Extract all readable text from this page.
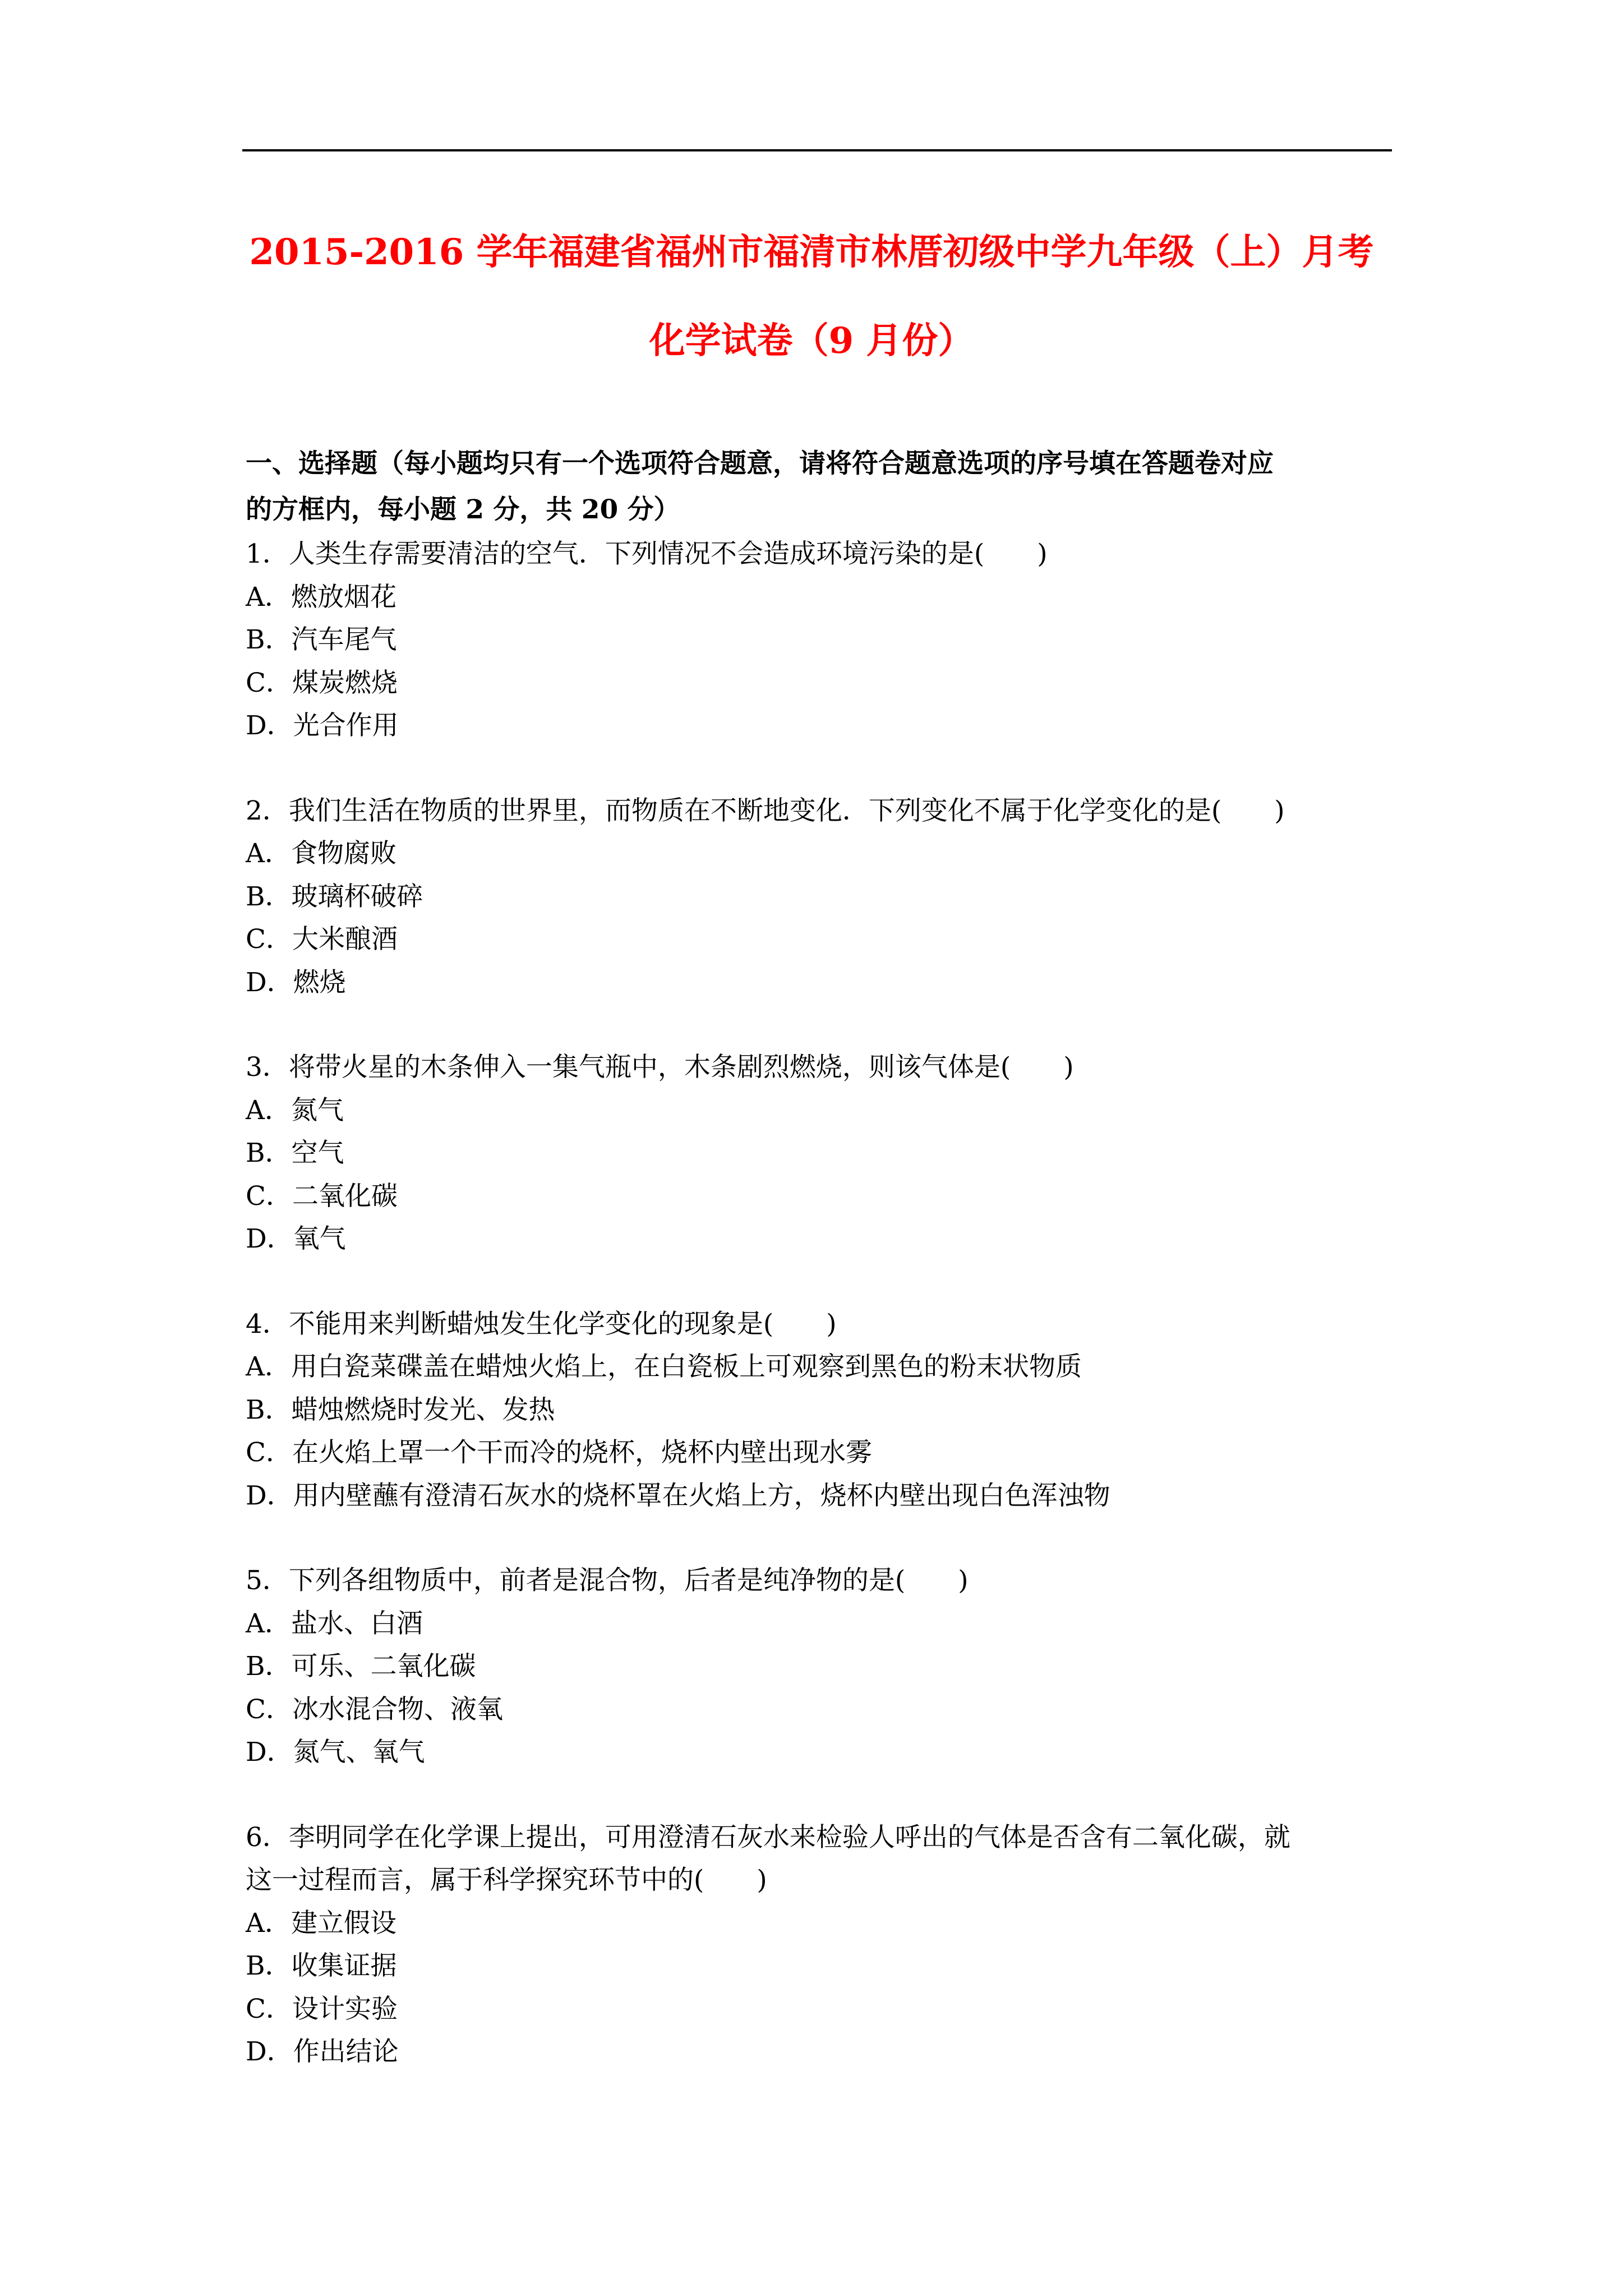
2015-2016 学年福建省福州市福清市林厝初级中学九年级（上）月考
化学试卷（9 月份）
一、选择题（每小题均只有一个选项符合题意，请将符合题意选项的序号填在答题卷对应
的方框内，每小题 2 分，共 20 分）
1．人类生存需要清洁的空气．下列情况不会造成环境污染的是(　　)
A．燃放烟花
B．汽车尾气
C．煤炭燃烧
D．光合作用
2．我们生活在物质的世界里，而物质在不断地变化．下列变化不属于化学变化的是(　　)
A．食物腐败
B．玻璃杯破碎
C．大米酿酒
D．燃烧
3．将带火星的木条伸入一集气瓶中，木条剧烈燃烧，则该气体是(　　)
A．氮气
B．空气
C．二氧化碳
D．氧气
4．不能用来判断蜡烛发生化学变化的现象是(　　)
A．用白瓷菜碟盖在蜡烛火焰上，在白瓷板上可观察到黑色的粉末状物质
B．蜡烛燃烧时发光、发热
C．在火焰上罩一个干而冷的烧杯，烧杯内壁出现水雾
D．用内壁蘸有澄清石灰水的烧杯罩在火焰上方，烧杯内壁出现白色浑浊物
5．下列各组物质中，前者是混合物，后者是纯净物的是(　　)
A．盐水、白酒
B．可乐、二氧化碳
C．冰水混合物、液氧
D．氮气、氧气
6．李明同学在化学课上提出，可用澄清石灰水来检验人呼出的气体是否含有二氧化碳，就
这一过程而言，属于科学探究环节中的(　　)
A．建立假设
B．收集证据
C．设计实验
D．作出结论
